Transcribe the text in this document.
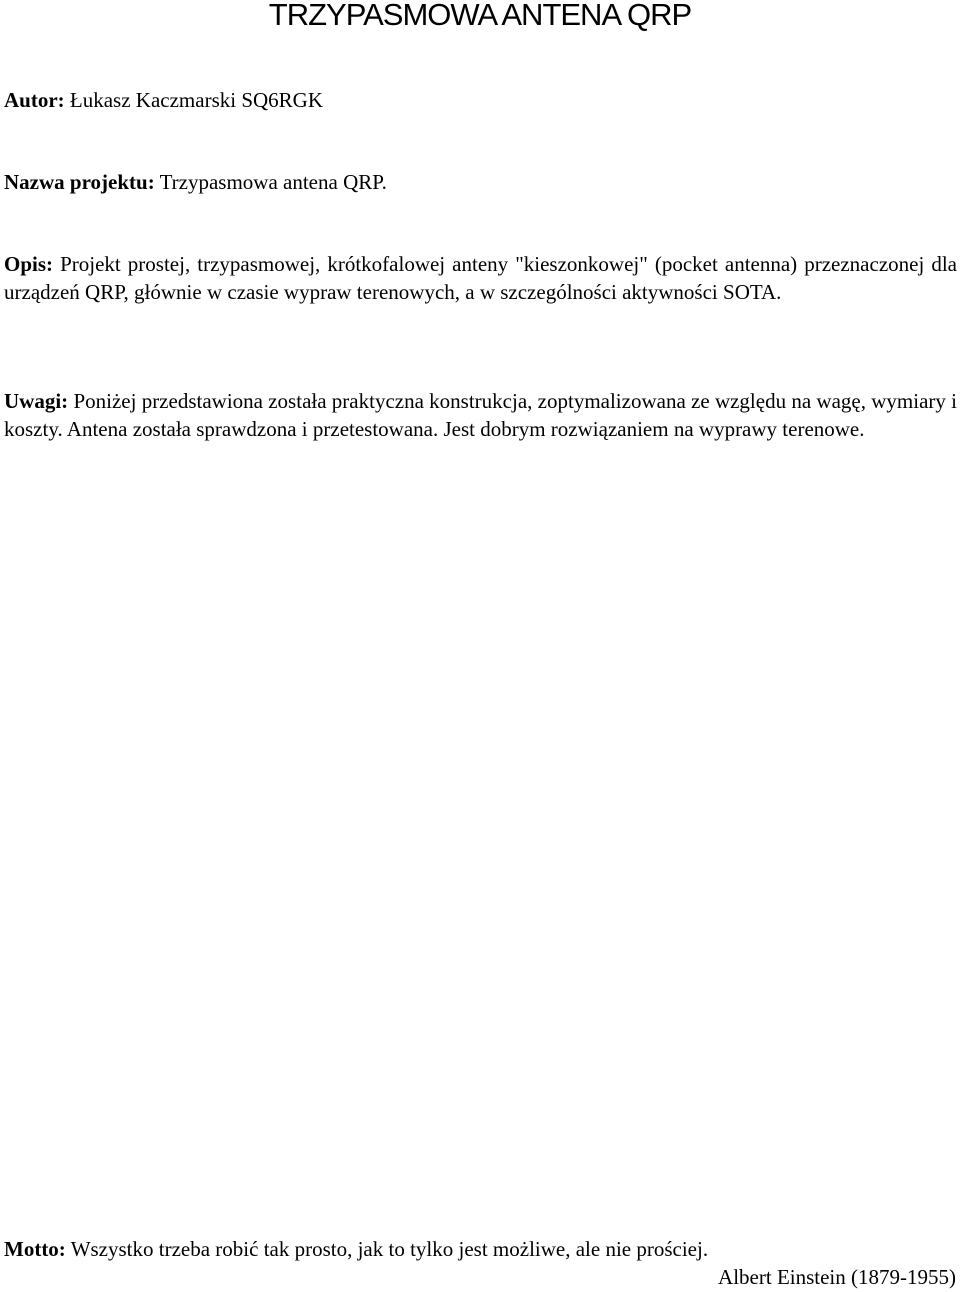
TRZYPASMOWA ANTENA QRP
Autor: Łukasz Kaczmarski SQ6RGK
Nazwa projektu: Trzypasmowa antena QRP.
Opis: Projekt prostej, trzypasmowej, krótkofalowej anteny "kieszonkowej" (pocket antenna) przeznaczonej dla urządzeń QRP, głównie w czasie wypraw terenowych, a w szczególności aktywności SOTA.
Uwagi: Poniżej przedstawiona została praktyczna konstrukcja, zoptymalizowana ze względu na wagę, wymiary i koszty. Antena została sprawdzona i przetestowana. Jest dobrym rozwiązaniem na wyprawy terenowe.
Motto: Wszystko trzeba robić tak prosto, jak to tylko jest możliwe, ale nie prościej.
Albert Einstein (1879-1955)
